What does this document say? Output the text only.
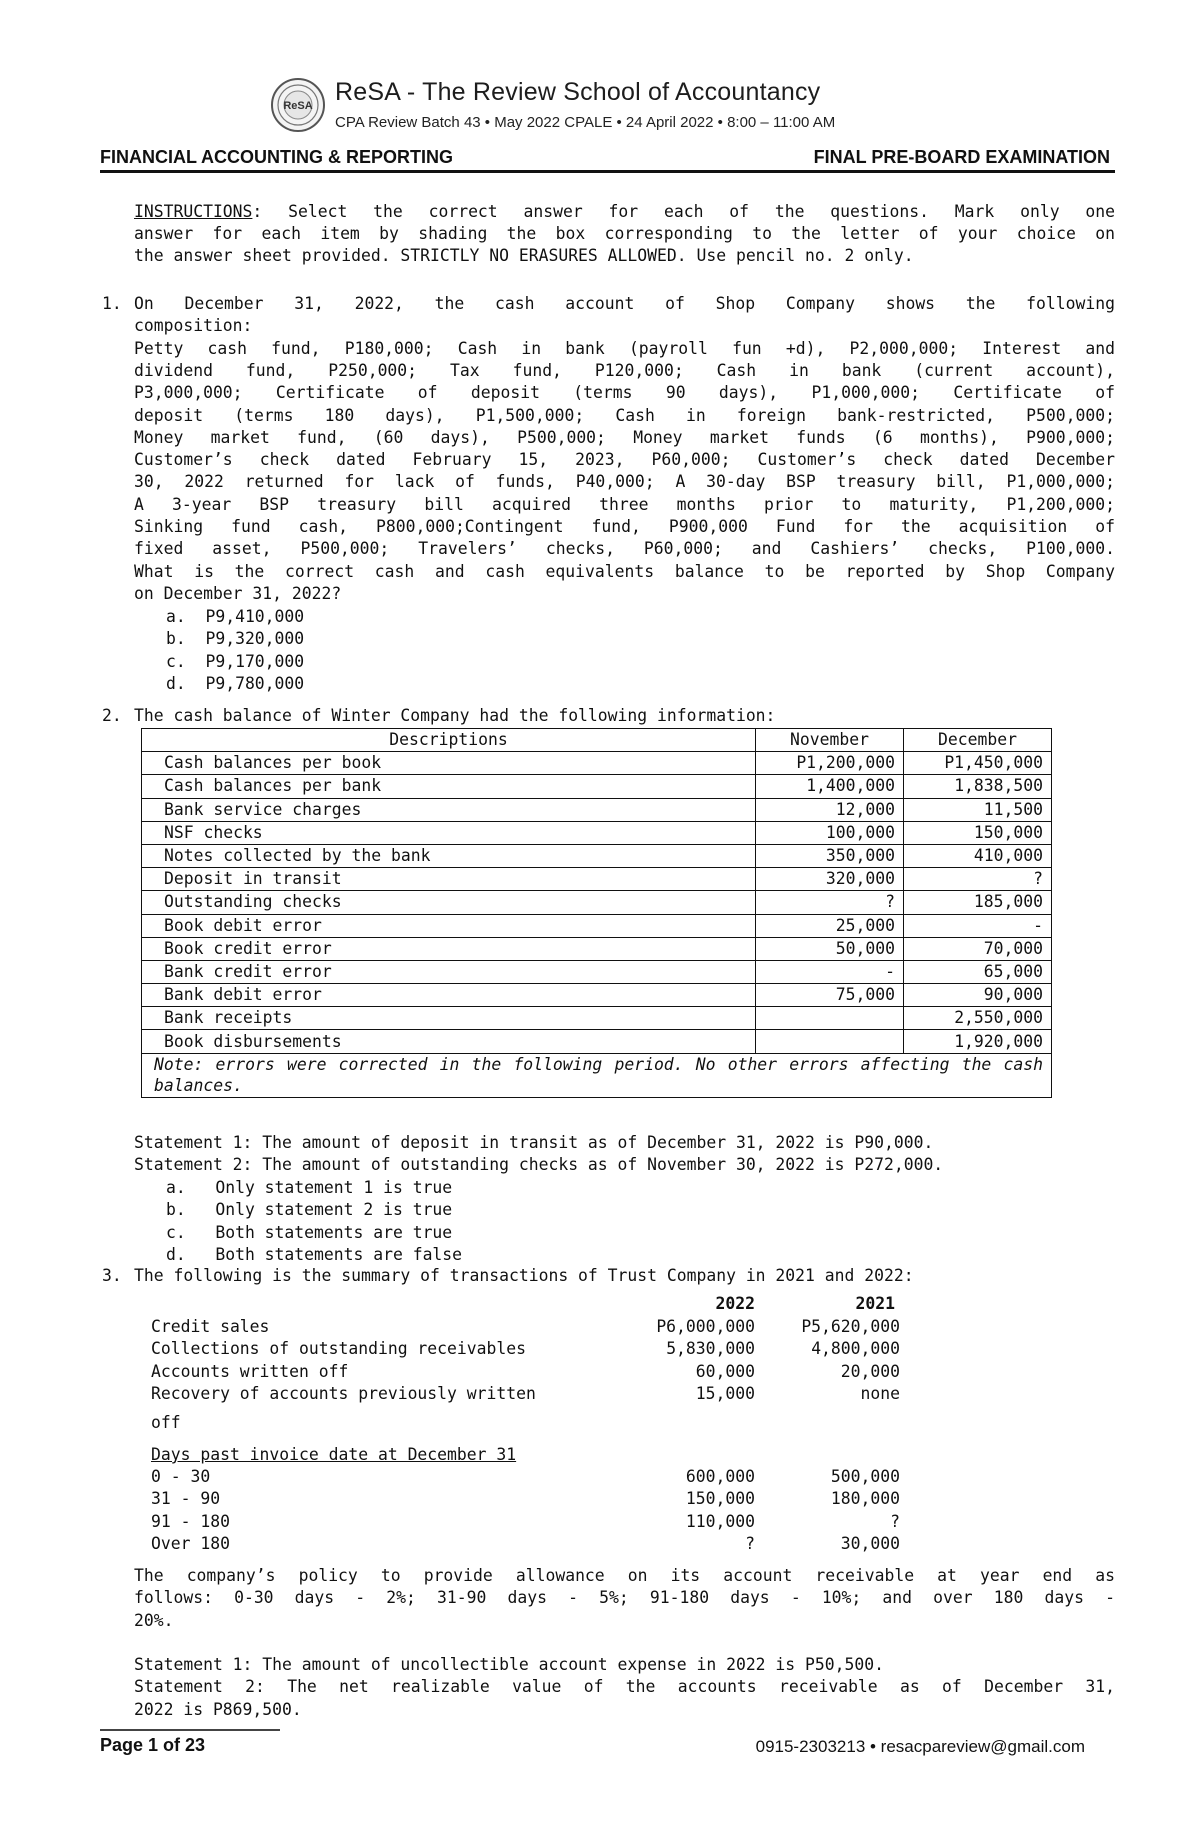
ReSA ReSA - The Review School of Accountancy
CPA Review Batch 43 • May 2022 CPALE • 24 April 2022 • 8:00 – 11:00 AM
FINANCIAL ACCOUNTING & REPORTING	FINAL PRE-BOARD EXAMINATION
INSTRUCTIONS: Select the correct answer for each of the questions. Mark only one
answer for each item by shading the box corresponding to the letter of your choice on
the answer sheet provided. STRICTLY NO ERASURES ALLOWED. Use pencil no. 2 only.
1. On December 31, 2022, the cash account of Shop Company shows the following
composition:
Petty cash fund, P180,000; Cash in bank (payroll fun +d), P2,000,000; Interest and
dividend fund, P250,000; Tax fund, P120,000; Cash in bank (current account),
P3,000,000; Certificate of deposit (terms 90 days), P1,000,000; Certificate of
deposit (terms 180 days), P1,500,000; Cash in foreign bank-restricted, P500,000;
Money market fund, (60 days), P500,000; Money market funds (6 months), P900,000;
Customer’s check dated February 15, 2023, P60,000; Customer’s check dated December
30, 2022 returned for lack of funds, P40,000; A 30-day BSP treasury bill, P1,000,000;
A 3-year BSP treasury bill acquired three months prior to maturity, P1,200,000;
Sinking fund cash, P800,000;Contingent fund, P900,000 Fund for the acquisition of
fixed asset, P500,000; Travelers’ checks, P60,000; and Cashiers’ checks, P100,000.
What is the correct cash and cash equivalents balance to be reported by Shop Company
on December 31, 2022?
a.  P9,410,000
b.  P9,320,000
c.  P9,170,000
d.  P9,780,000
2. The cash balance of Winter Company had the following information:
Descriptions	November	December
Cash balances per book	P1,200,000	P1,450,000
Cash balances per bank	1,400,000	1,838,500
Bank service charges	12,000	11,500
NSF checks	100,000	150,000
Notes collected by the bank	350,000	410,000
Deposit in transit	320,000	?
Outstanding checks	?	185,000
Book debit error	25,000	-
Book credit error	50,000	70,000
Bank credit error	-	65,000
Bank debit error	75,000	90,000
Bank receipts		2,550,000
Book disbursements		1,920,000
Note: errors were corrected in the following period. No other errors affecting the cash balances.		
Statement 1: The amount of deposit in transit as of December 31, 2022 is P90,000.
Statement 2: The amount of outstanding checks as of November 30, 2022 is P272,000.
a.   Only statement 1 is true
b.   Only statement 2 is true
c.   Both statements are true
d.   Both statements are false
3. The following is the summary of transactions of Trust Company in 2021 and 2022:
2022	2021
Credit sales	P6,000,000	P5,620,000
Collections of outstanding receivables	5,830,000	4,800,000
Accounts written off	60,000	20,000
Recovery of accounts previously written	15,000	none
off
Days past invoice date at December 31
0 - 30	600,000	500,000
31 - 90	150,000	180,000
91 - 180	110,000	?
Over 180	?	30,000
The company’s policy to provide allowance on its account receivable at year end as
follows: 0-30 days - 2%; 31-90 days - 5%; 91-180 days - 10%; and over 180 days -
20%.
Statement 1: The amount of uncollectible account expense in 2022 is P50,500.
Statement 2: The net realizable value of the accounts receivable as of December 31,
2022 is P869,500.
Page 1 of 23	0915-2303213 • resacpareview@gmail.com
